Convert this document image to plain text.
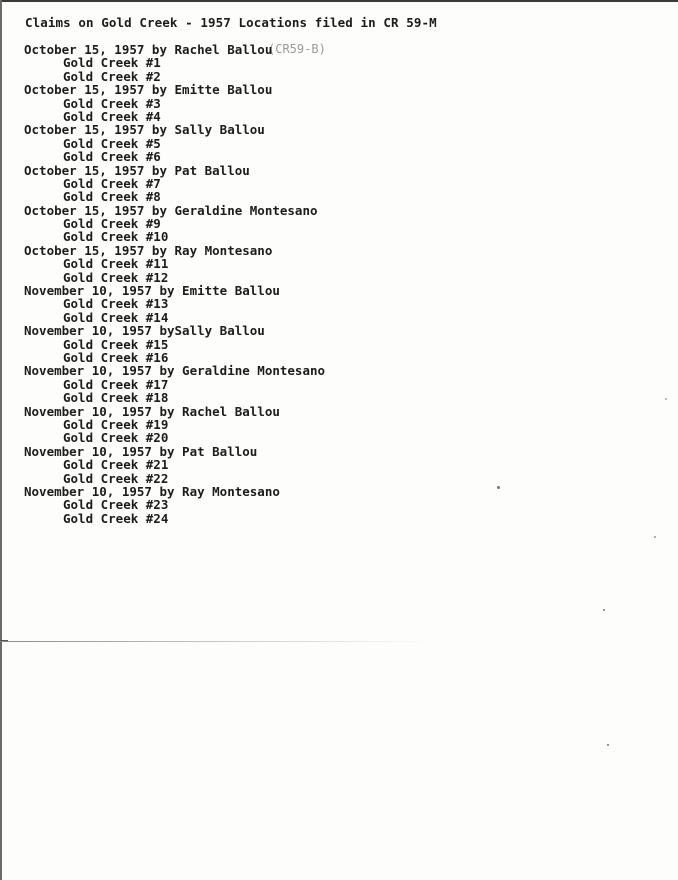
Claims on Gold Creek - 1957 Locations filed in CR 59-M
(CR59-B)
October 15, 1957 by Rachel Ballou
Gold Creek #1
Gold Creek #2
October 15, 1957 by Emitte Ballou
Gold Creek #3
Gold Creek #4
October 15, 1957 by Sally Ballou
Gold Creek #5
Gold Creek #6
October 15, 1957 by Pat Ballou
Gold Creek #7
Gold Creek #8
October 15, 1957 by Geraldine Montesano
Gold Creek #9
Gold Creek #10
October 15, 1957 by Ray Montesano
Gold Creek #11
Gold Creek #12
November 10, 1957 by Emitte Ballou
Gold Creek #13
Gold Creek #14
November 10, 1957 bySally Ballou
Gold Creek #15
Gold Creek #16
November 10, 1957 by Geraldine Montesano
Gold Creek #17
Gold Creek #18
November 10, 1957 by Rachel Ballou
Gold Creek #19
Gold Creek #20
November 10, 1957 by Pat Ballou
Gold Creek #21
Gold Creek #22
November 10, 1957 by Ray Montesano
Gold Creek #23
Gold Creek #24
